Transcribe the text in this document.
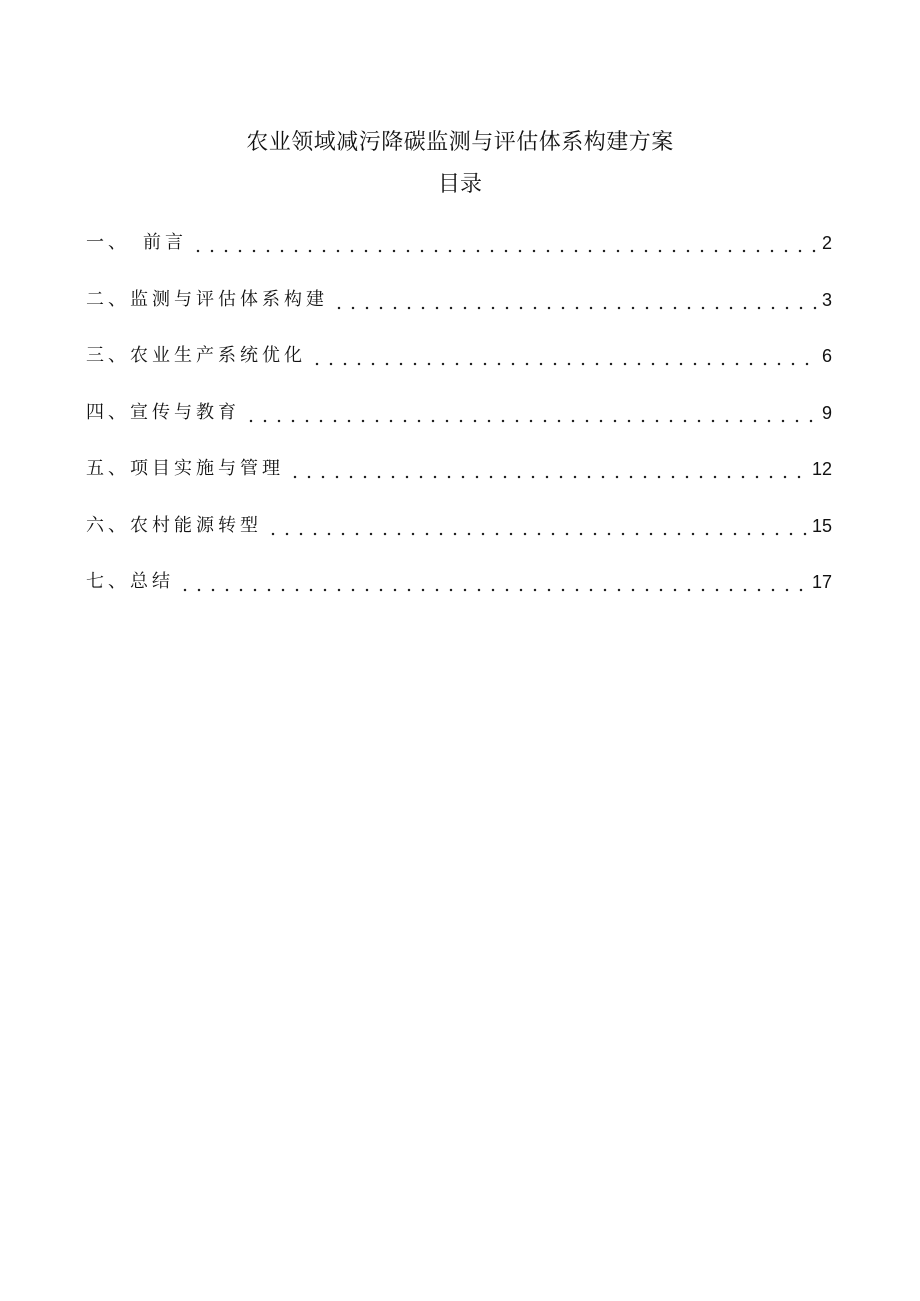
农业领域减污降碳监测与评估体系构建方案
目录
一、　前言	2
二、监测与评估体系构建	3
三、农业生产系统优化	6
四、宣传与教育	9
五、项目实施与管理	12
六、农村能源转型	15
七、总结	17
